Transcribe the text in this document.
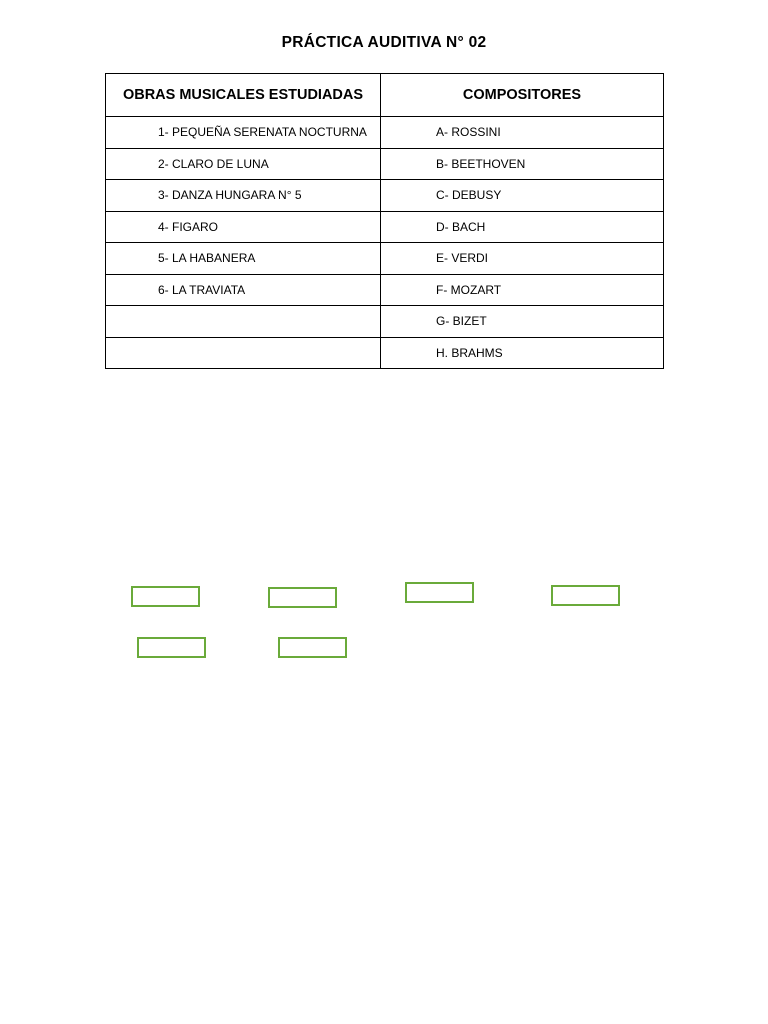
PRÁCTICA AUDITIVA N° 02
OBRAS MUSICALES ESTUDIADAS	COMPOSITORES
1- PEQUEÑA SERENATA NOCTURNA	A- ROSSINI
2- CLARO DE LUNA	B- BEETHOVEN
3- DANZA HUNGARA N° 5	C- DEBUSY
4- FIGARO	D- BACH
5- LA HABANERA	E- VERDI
6- LA TRAVIATA	F- MOZART
	G- BIZET
	H. BRAHMS
